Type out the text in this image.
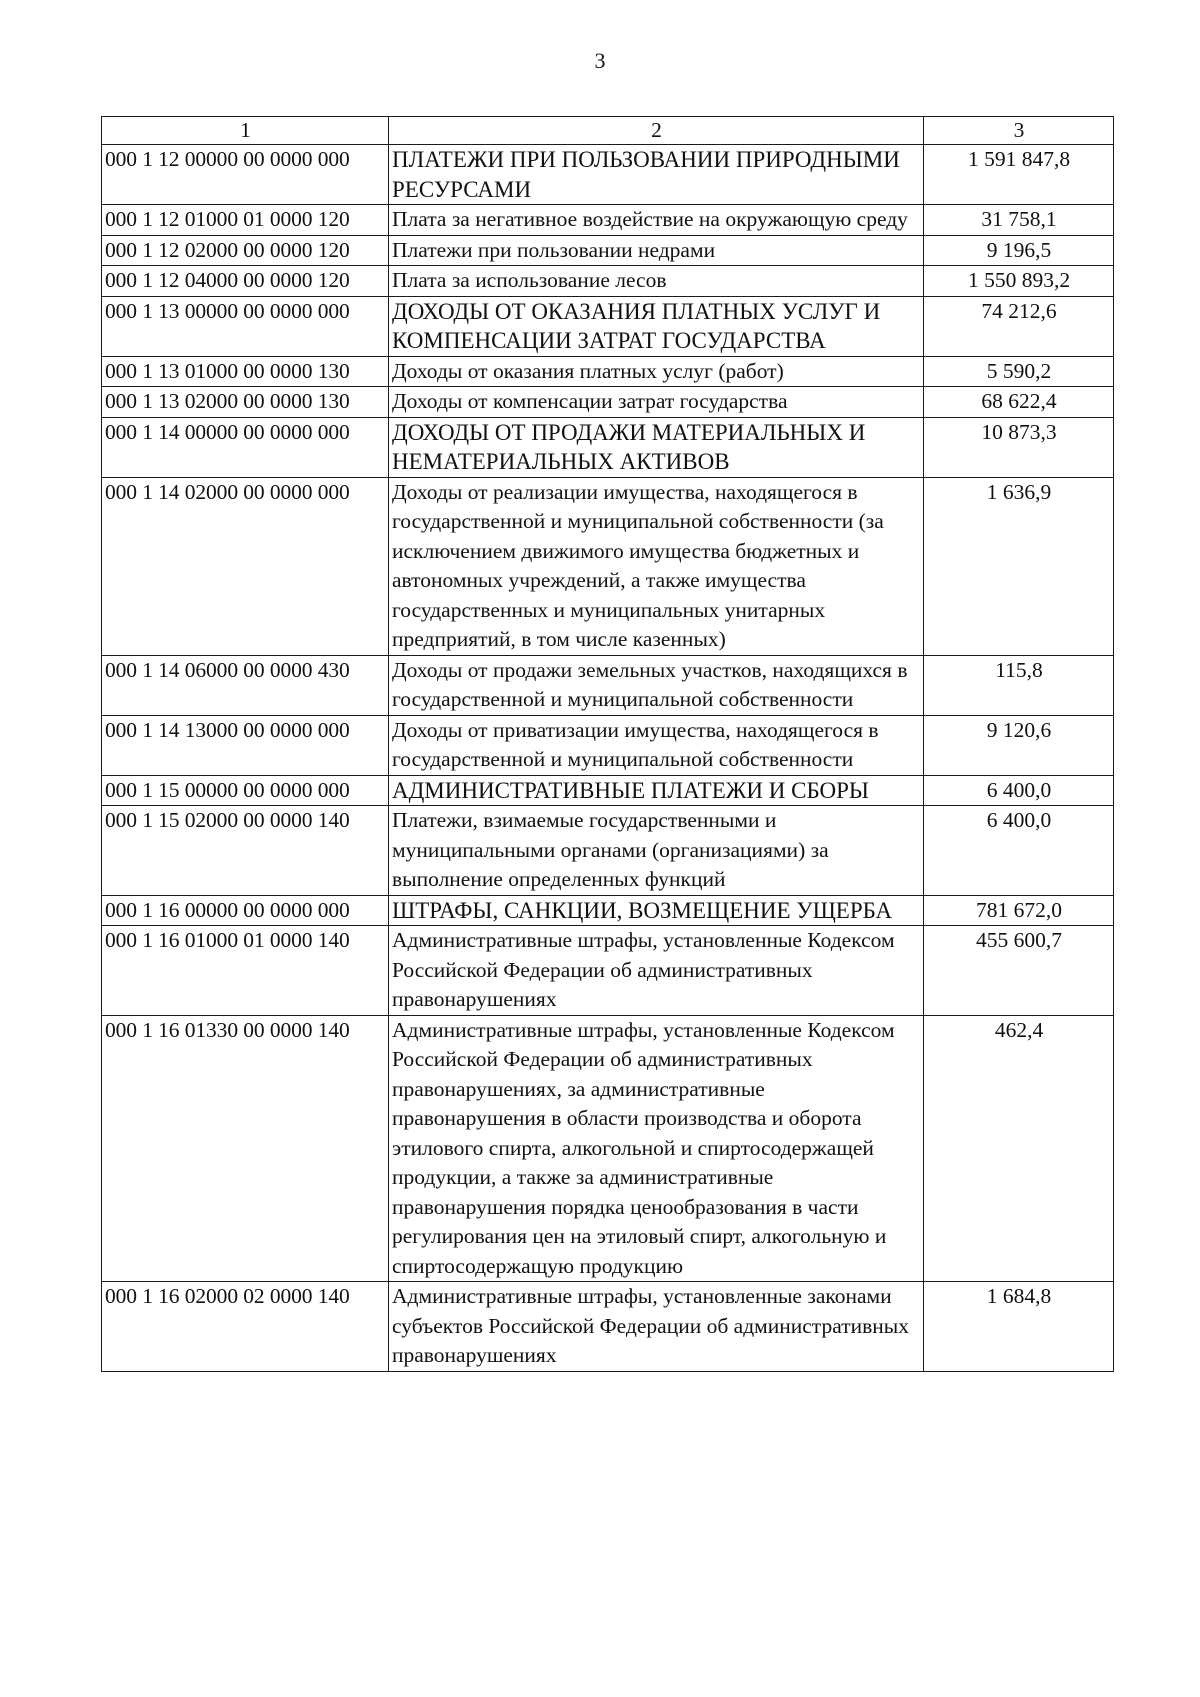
3
1	2	3
000 1 12 00000 00 0000 000	ПЛАТЕЖИ ПРИ ПОЛЬЗОВАНИИ ПРИРОДНЫМИ РЕСУРСАМИ	1 591 847,8
000 1 12 01000 01 0000 120	Плата за негативное воздействие на окружающую среду	31 758,1
000 1 12 02000 00 0000 120	Платежи при пользовании недрами	9 196,5
000 1 12 04000 00 0000 120	Плата за использование лесов	1 550 893,2
000 1 13 00000 00 0000 000	ДОХОДЫ ОТ ОКАЗАНИЯ ПЛАТНЫХ УСЛУГ И КОМПЕНСАЦИИ ЗАТРАТ ГОСУДАРСТВА	74 212,6
000 1 13 01000 00 0000 130	Доходы от оказания платных услуг (работ)	5 590,2
000 1 13 02000 00 0000 130	Доходы от компенсации затрат государства	68 622,4
000 1 14 00000 00 0000 000	ДОХОДЫ ОТ ПРОДАЖИ МАТЕРИАЛЬНЫХ И НЕМАТЕРИАЛЬНЫХ АКТИВОВ	10 873,3
000 1 14 02000 00 0000 000	Доходы от реализации имущества, находящегося в государственной и муниципальной собственности (за исключением движимого имущества бюджетных и автономных учреждений, а также имущества государственных и муниципальных унитарных предприятий, в том числе казенных)	1 636,9
000 1 14 06000 00 0000 430	Доходы от продажи земельных участков, находящихся в государственной и муниципальной собственности	115,8
000 1 14 13000 00 0000 000	Доходы от приватизации имущества, находящегося в государственной и муниципальной собственности	9 120,6
000 1 15 00000 00 0000 000	АДМИНИСТРАТИВНЫЕ ПЛАТЕЖИ И СБОРЫ	6 400,0
000 1 15 02000 00 0000 140	Платежи, взимаемые государственными и муниципальными органами (организациями) за выполнение определенных функций	6 400,0
000 1 16 00000 00 0000 000	ШТРАФЫ, САНКЦИИ, ВОЗМЕЩЕНИЕ УЩЕРБА	781 672,0
000 1 16 01000 01 0000 140	Административные штрафы, установленные Кодексом Российской Федерации об административных правонарушениях	455 600,7
000 1 16 01330 00 0000 140	Административные штрафы, установленные Кодексом Российской Федерации об административных правонарушениях, за административные правонарушения в области производства и оборота этилового спирта, алкогольной и спиртосодержащей продукции, а также за административные правонарушения порядка ценообразования в части регулирования цен на этиловый спирт, алкогольную и спиртосодержащую продукцию	462,4
000 1 16 02000 02 0000 140	Административные штрафы, установленные законами субъектов Российской Федерации об административных правонарушениях	1 684,8
